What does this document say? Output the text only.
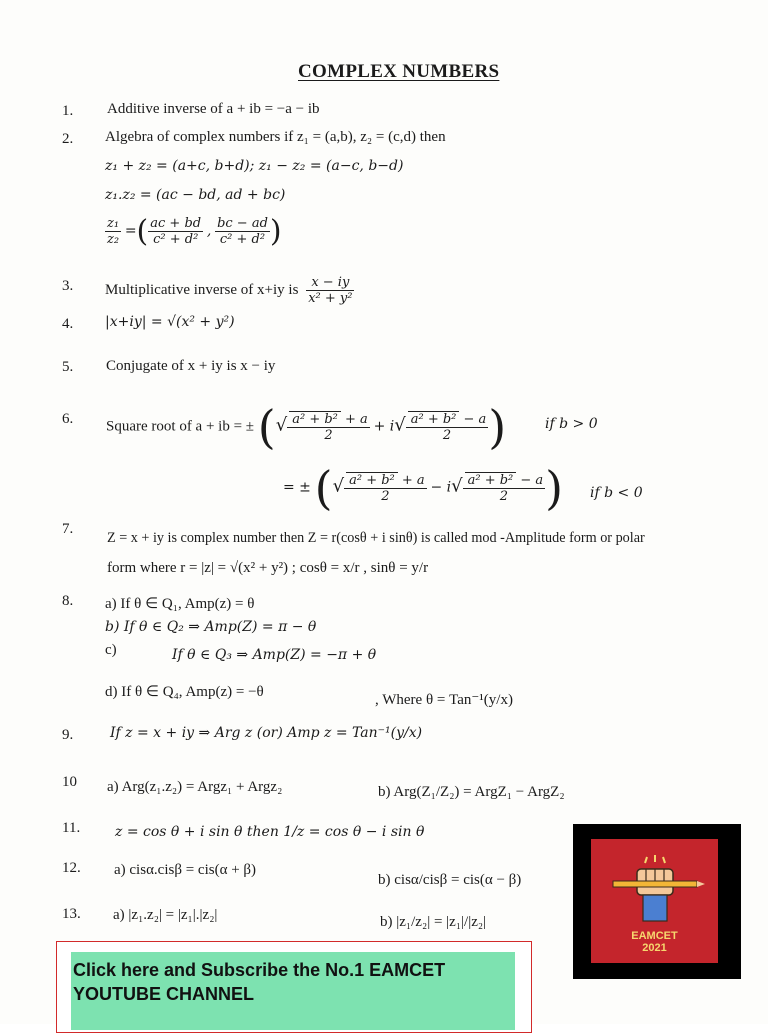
COMPLEX NUMBERS
1. Additive inverse of a + ib = −a − ib
2. Algebra of complex numbers if z₁ = (a,b), z₂ = (c,d) then
z₁ + z₂ = (a+c, b+d); z₁ − z₂ = (a−c, b−d)
z₁.z₂ = (ac − bd, ad + bc)
$\frac{\text{z₁}}{\text{z₂}}$ =( $\frac{ac + bd}{\text{c² + d²}}$ , $\frac{bc - ad}{\text{c² + d²}}$ )
3. Multiplicative inverse of x+iy is $\frac{x - iy}{\text{x² + y²}}$
4. |x+iy| = √(x² + y²)
5. Conjugate of x + iy is x − iy
6. Square root of a + ib = ± (√ $\frac{\text{a² + b² + a}}{2} + i√ \frac{\text{a² + b² − a}}{2}$ )	if b > 0
= ± (√ $\frac{\text{a² + b² + a}}{2} - i√ \frac{\text{a² + b² − a}}{2}$ ) if b < 0
7.
Z = x + iy is complex number then Z = r(cosθ + i sinθ) is called mod -Amplitude form or polar
form where r = |z| = √(x² + y²) ; cosθ = x/r , sinθ = y/r
8. a) If θ ∈ Q₁, Amp(z) = θ
b) If θ ∈ Q₂ ⇒ Amp(Z) = π − θ
c)	If θ ∈ Q₃ ⇒ Amp(Z) = −π + θ
d) If θ ∈ Q₄, Amp(z) = −θ	, Where θ = Tan⁻¹(y/x)
9.	If z = x + iy ⇒ Arg z (or) Amp z = Tan⁻¹(y/x)
10 a) Arg(z₁.z₂) = Argz₁ + Argz₂	b) Arg(Z₁/Z₂) = ArgZ₁ − ArgZ₂
11. z = cos θ + i sin θ then 1/z = cos θ − i sin θ
12. a) cisα.cisβ = cis(α + β)
b) cisα/cisβ = cis(α − β)
13. a) |z₁.z₂| = |z₁|.|z₂|	b) |z₁/z₂| = |z₁|/|z₂|
EAMCET
2021
Click here and Subscribe the No.1 EAMCET YOUTUBE CHANNEL
